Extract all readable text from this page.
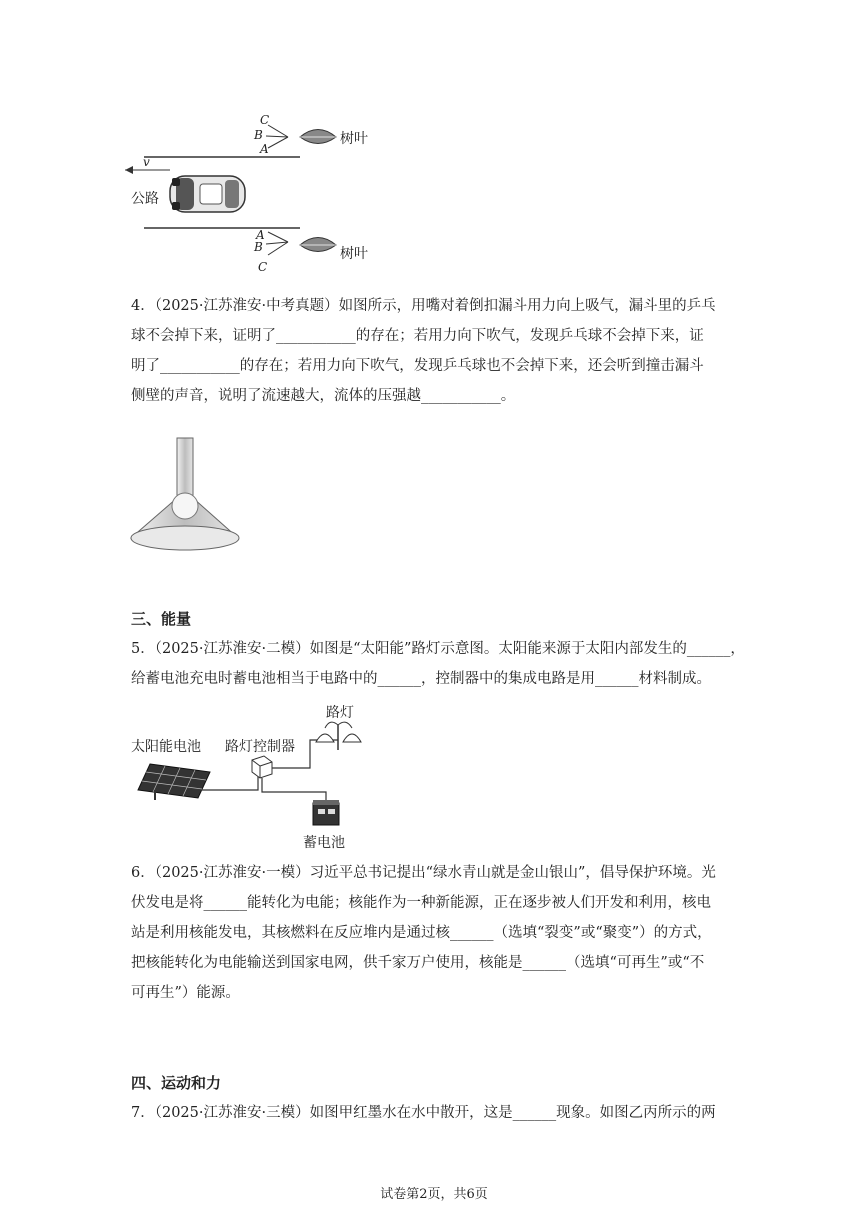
树叶
树叶
公路
v
C
B
A
A
B
C
4．（2025·江苏淮安·中考真题）如图所示，用嘴对着倒扣漏斗用力向上吸气，漏斗里的乒乓
球不会掉下来，证明了___________的存在；若用力向下吹气，发现乒乓球不会掉下来，证
明了___________的存在；若用力向下吹气，发现乒乓球也不会掉下来，还会听到撞击漏斗
侧壁的声音，说明了流速越大，流体的压强越___________。
三、能量
5．（2025·江苏淮安·二模）如图是“太阳能”路灯示意图。太阳能来源于太阳内部发生的______，
给蓄电池充电时蓄电池相当于电路中的______，控制器中的集成电路是用______材料制成。
太阳能电池 路灯控制器
路灯
蓄电池
6．（2025·江苏淮安·一模）习近平总书记提出“绿水青山就是金山银山”，倡导保护环境。光
伏发电是将______能转化为电能；核能作为一种新能源，正在逐步被人们开发和利用，核电
站是利用核能发电，其核燃料在反应堆内是通过核______（选填“裂变”或“聚变”）的方式，
把核能转化为电能输送到国家电网，供千家万户使用，核能是______（选填“可再生”或“不
可再生”）能源。
四、运动和力
7．（2025·江苏淮安·三模）如图甲红墨水在水中散开，这是______现象。如图乙丙所示的两
试卷第2页，共6页
